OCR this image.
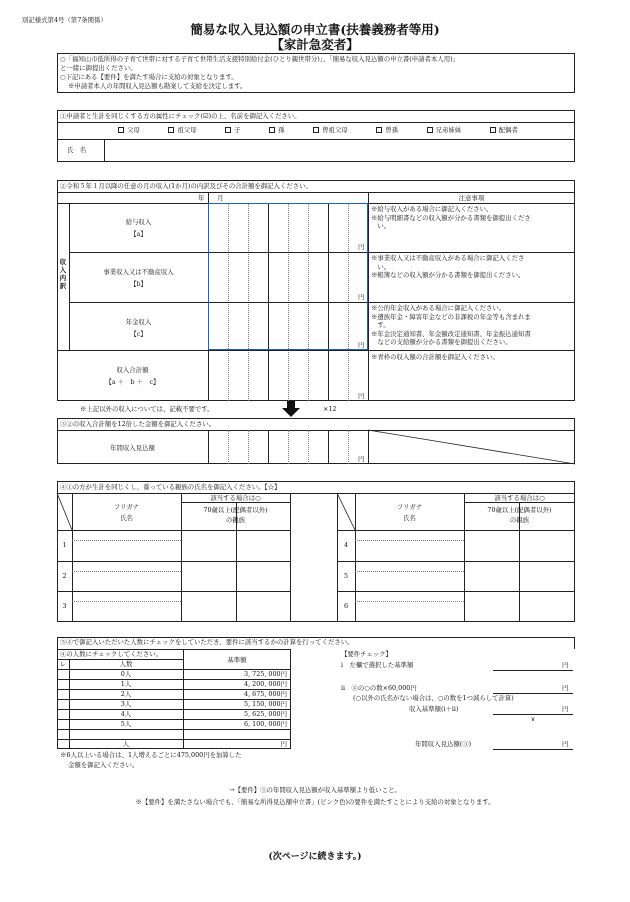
別記様式第4号（第7条関係）
簡易な収入見込額の申立書(扶養義務者等用)
【家計急変者】
○「福知山市低所得の子育て世帯に対する子育て世帯生活支援特別給付金(ひとり親世帯分)」、「簡易な収入見込額の申立書(申請者本人用)」
と一緒に御提出ください。
○下記にある【要件】を満たす場合に支給の対象となります。
※申請者本人の年間収入見込額も勘案して支給を決定します。
①申請者と生計を同じくする方の属性にチェック(☑)の上、名前を御記入ください。
父母	祖父母	子	孫	曽祖父母	曽孫	兄弟姉妹	配偶者
氏　名
②令和５年１月以降の任意の月の収入(1か月)の内訳及びその合計額を御記入ください。
年　　月	注意事項
収
入
内
訳
給与収入
【a】
円
※給与収入がある場合に御記入ください。
※給与明細書などの収入額が分かる書類を御提出くださ
　い。
事業収入又は不動産収入
【b】
円
※事業収入又は不動産収入がある場合に御記入くださ
　い。
※帳簿などの収入額が分かる書類を御提出ください。
年金収入
【c】
円
※公的年金収入がある場合に御記入ください。
※遺族年金・障害年金などの非課税の年金等も含まれま
　す。
※年金決定通知書、年金額改定通知書、年金振込通知書
　などの支給額が分かる書類を御提出ください。
収入合計額
【a ＋　b ＋　c】
円
※青枠の収入額の合計額を御記入ください。
※上記以外の収入については、記載不要です。	×12
③②の収入合計額を12倍した金額を御記入ください。
年間収入見込額
円
④①の方が生計を同じくし、養っている親族の氏名を御記入ください。【☆】
フリガナ
氏名
該当する場合は○
70歳以上(配偶者以外)
の親族
1
2
3
フリガナ
氏名
該当する場合は○
70歳以上(配偶者以外)
の親族
4
5
6
⑤④で御記入いただいた人数にチェックをしていただき、要件に該当するかの計算を行ってください。
④の人数にチェックしてください。
レ	人数	基準額
0人	3, 725, 000円
1人	4, 200, 000円
2人	4, 675, 000円
3人	5, 150, 000円
4人	5, 625, 000円
5人	6, 100, 000円
人	円
※6人以上いる場合は、1人増えるごとに475,000円を加算した
金額を御記入ください。
【要件チェック】
i　左欄で選択した基準額	円
ii　④の○の数×60,000円	円
(○以外の氏名がない場合は、○の数を1つ減らして計算)
収入基準額(i＋ii)	円
∨
年間収入見込額(③)	円
→【要件】③の年間収入見込額が収入基準額より低いこと。
※【要件】を満たさない場合でも、「簡易な所得見込額申立書」(ピンク色)の要件を満たすことにより支給の対象となります。
(次ページに続きます。)
